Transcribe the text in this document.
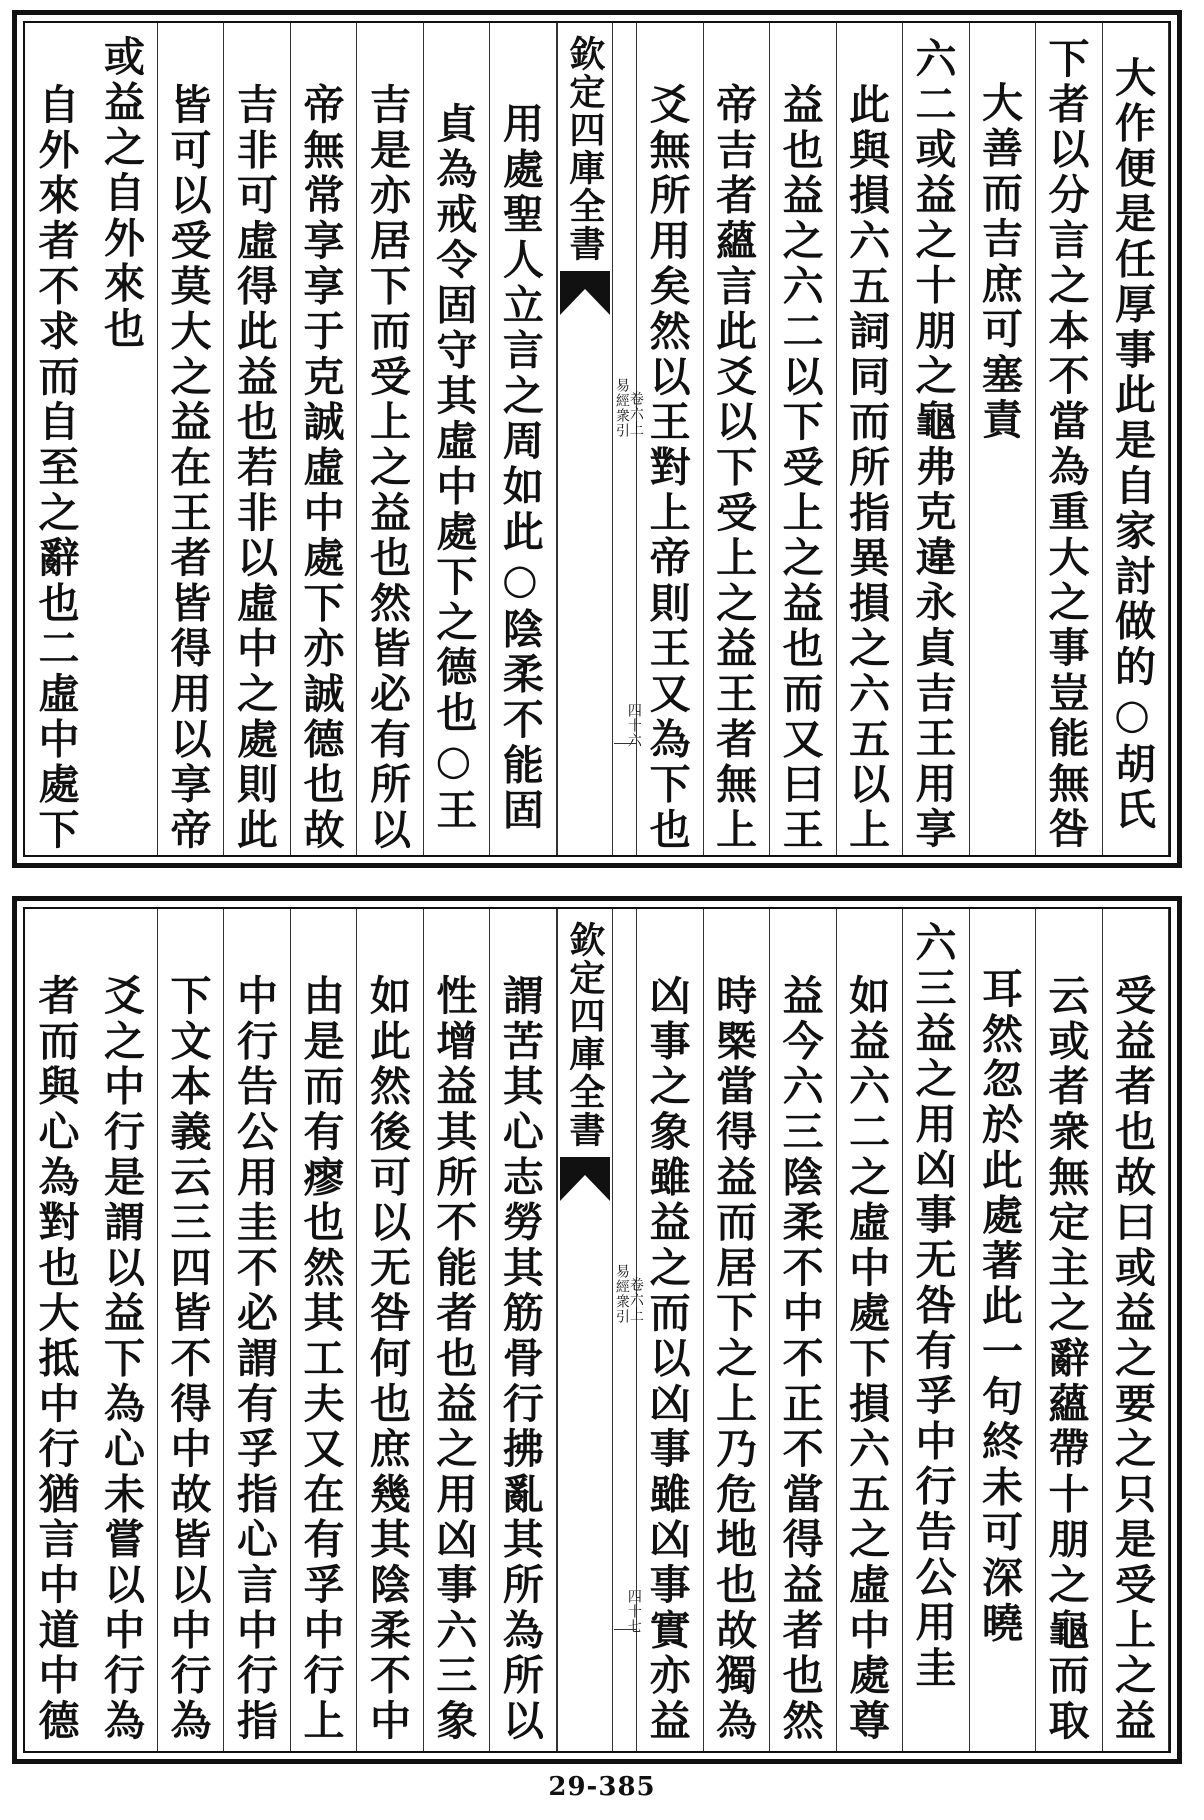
大作便是任厚事此是自家討做的○胡氏
下者以分言之本不當為重大之事豈能無咎
大善而吉庶可塞責
六二或益之十朋之龜弗克違永貞吉王用享
此與損六五詞同而所指異損之六五以上
益也益之六二以下受上之益也而又曰王
帝吉者蘊言此爻以下受上之益王者無上
爻無所用矣然以王對上帝則王又為下也
欽定四庫全書
易經衆引
卷六上
四十六
用處聖人立言之周如此○陰柔不能固
貞為戒令固守其虛中處下之德也○王
吉是亦居下而受上之益也然皆必有所以
帝無常享享于克誠虛中處下亦誠德也故
吉非可虛得此益也若非以虛中之處則此
皆可以受莫大之益在王者皆得用以享帝
或益之自外來也
自外來者不求而自至之辭也二虛中處下
受益者也故曰或益之要之只是受上之益
云或者衆無定主之辭蘊帶十朋之龜而取
耳然忽於此處著此一句終未可深曉
六三益之用凶事无咎有孚中行告公用圭
如益六二之虛中處下損六五之虛中處尊
益今六三陰柔不中不正不當得益者也然
時㮣當得益而居下之上乃危地也故獨為
凶事之象雖益之而以凶事雖凶事實亦益
欽定四庫全書
易經衆引
卷六上
四十七
謂苦其心志勞其筋骨行拂亂其所為所以
性增益其所不能者也益之用凶事六三象
如此然後可以无咎何也庶幾其陰柔不中
由是而有瘳也然其工夫又在有孚中行上
中行告公用圭不必謂有孚指心言中行指
下文本義云三四皆不得中故皆以中行為
爻之中行是謂以益下為心未嘗以中行為
者而與心為對也大抵中行猶言中道中德
29-385
